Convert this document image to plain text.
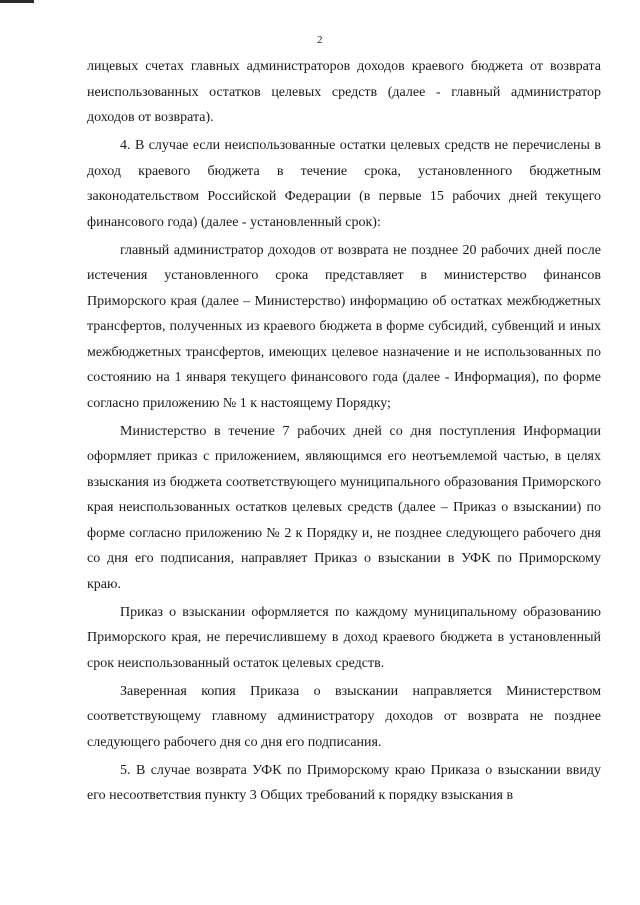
2

лицевых счетах главных администраторов доходов краевого бюджета от возврата неиспользованных остатков целевых средств (далее - главный администратор доходов от возврата).

4. В случае если неиспользованные остатки целевых средств не перечислены в доход краевого бюджета в течение срока, установленного бюджетным законодательством Российской Федерации (в первые 15 рабочих дней текущего финансового года) (далее - установленный срок):

главный администратор доходов от возврата не позднее 20 рабочих дней после истечения установленного срока представляет в министерство финансов Приморского края (далее – Министерство) информацию об остатках межбюджетных трансфертов, полученных из краевого бюджета в форме субсидий, субвенций и иных межбюджетных трансфертов, имеющих целевое назначение и не использованных по состоянию на 1 января текущего финансового года (далее - Информация), по форме согласно приложению № 1 к настоящему Порядку;

Министерство в течение 7 рабочих дней со дня поступления Информации оформляет приказ с приложением, являющимся его неотъемлемой частью, в целях взыскания из бюджета соответствующего муниципального образования Приморского края неиспользованных остатков целевых средств (далее – Приказ о взыскании) по форме согласно приложению № 2 к Порядку и, не позднее следующего рабочего дня со дня его подписания, направляет Приказ о взыскании в УФК по Приморскому краю.

Приказ о взыскании оформляется по каждому муниципальному образованию Приморского края, не перечислившему в доход краевого бюджета в установленный срок неиспользованный остаток целевых средств.

Заверенная копия Приказа о взыскании направляется Министерством соответствующему главному администратору доходов от возврата не позднее следующего рабочего дня со дня его подписания.

5. В случае возврата УФК по Приморскому краю Приказа о взыскании ввиду его несоответствия пункту 3 Общих требований к порядку взыскания в
